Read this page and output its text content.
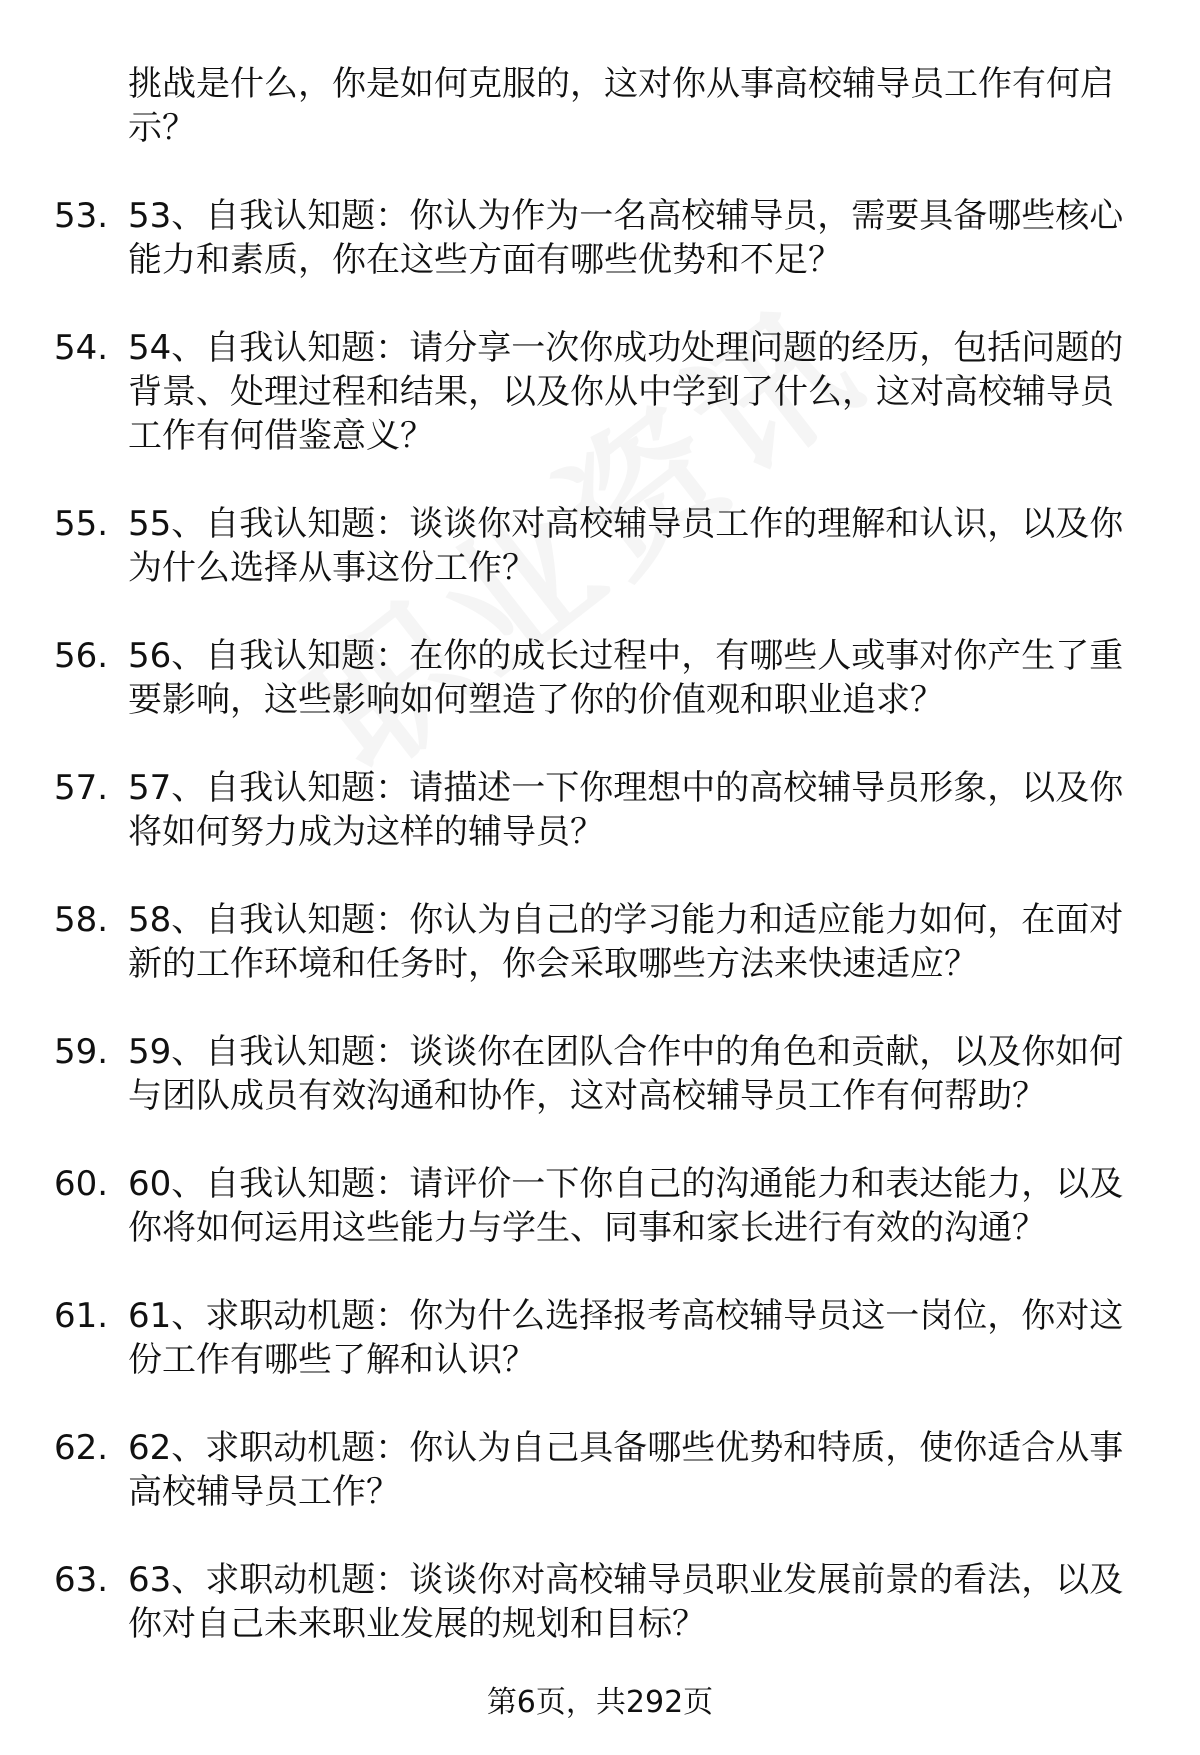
挑战是什么，你是如何克服的，这对你从事高校辅导员工作有何启示？
53. 53、自我认知题：你认为作为一名高校辅导员，需要具备哪些核心能力和素质，你在这些方面有哪些优势和不足？
54. 54、自我认知题：请分享一次你成功处理问题的经历，包括问题的背景、处理过程和结果，以及你从中学到了什么，这对高校辅导员工作有何借鉴意义？
55. 55、自我认知题：谈谈你对高校辅导员工作的理解和认识，以及你为什么选择从事这份工作？
56. 56、自我认知题：在你的成长过程中，有哪些人或事对你产生了重要影响，这些影响如何塑造了你的价值观和职业追求？
57. 57、自我认知题：请描述一下你理想中的高校辅导员形象，以及你将如何努力成为这样的辅导员？
58. 58、自我认知题：你认为自己的学习能力和适应能力如何，在面对新的工作环境和任务时，你会采取哪些方法来快速适应？
59. 59、自我认知题：谈谈你在团队合作中的角色和贡献，以及你如何与团队成员有效沟通和协作，这对高校辅导员工作有何帮助？
60. 60、自我认知题：请评价一下你自己的沟通能力和表达能力，以及你将如何运用这些能力与学生、同事和家长进行有效的沟通？
61. 61、求职动机题：你为什么选择报考高校辅导员这一岗位，你对这份工作有哪些了解和认识？
62. 62、求职动机题：你认为自己具备哪些优势和特质，使你适合从事高校辅导员工作？
63. 63、求职动机题：谈谈你对高校辅导员职业发展前景的看法，以及你对自己未来职业发展的规划和目标？
第6页，共292页
